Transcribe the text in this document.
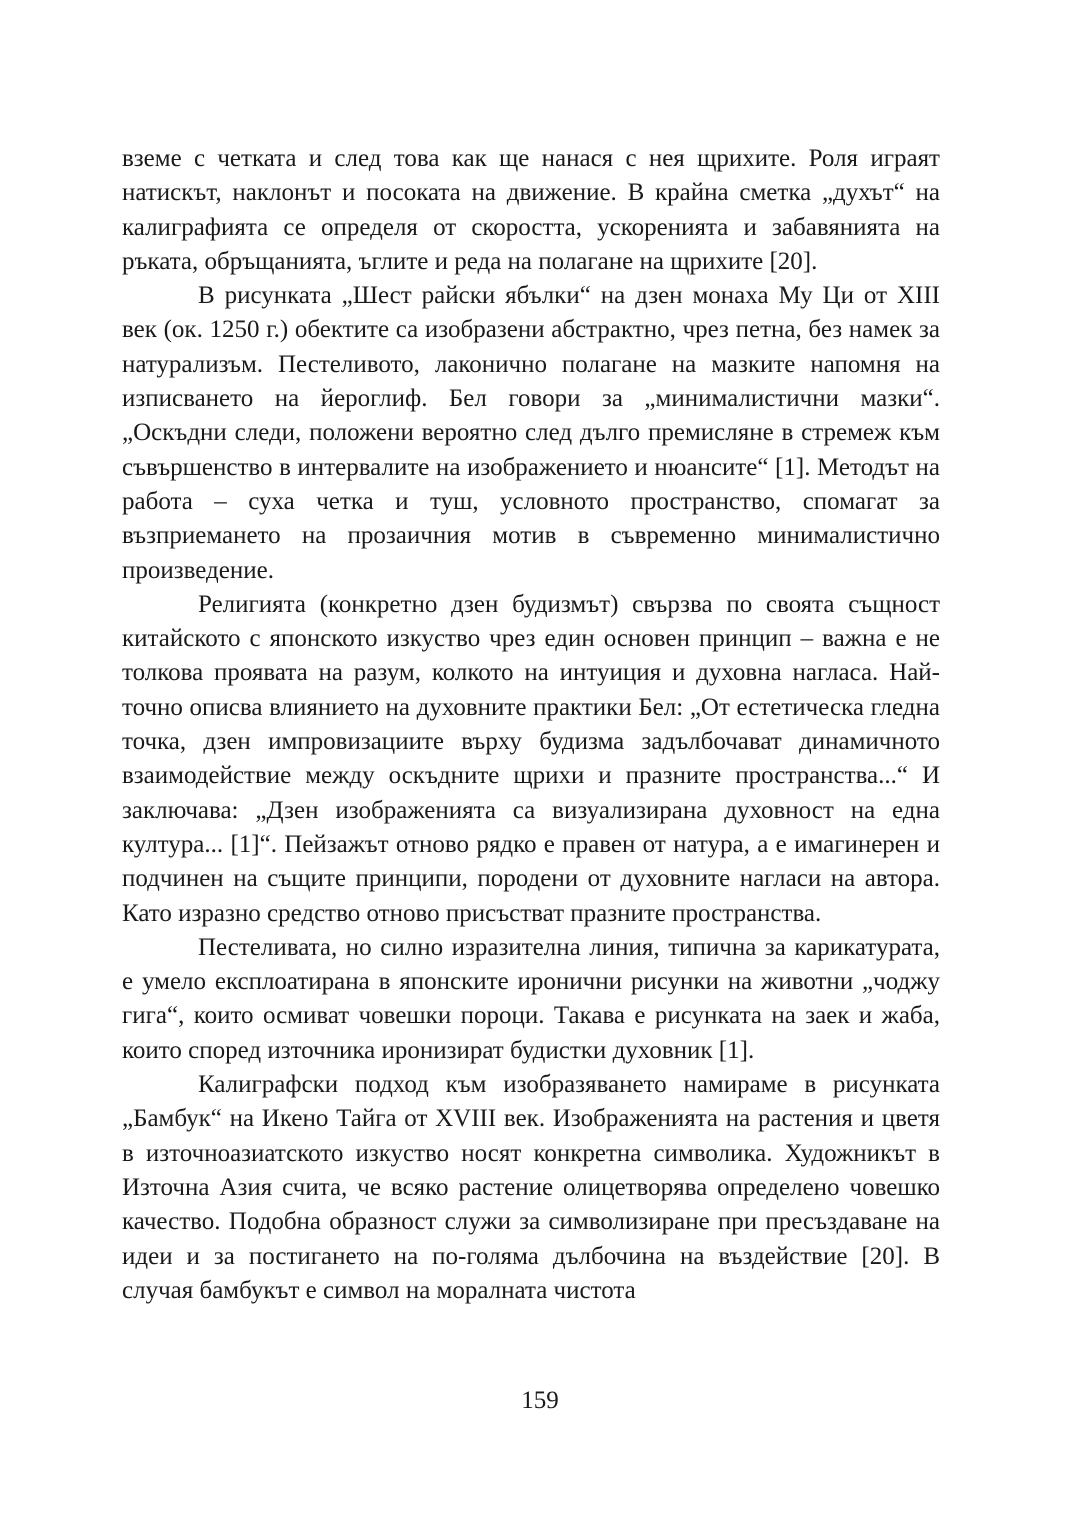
вземе с четката и след това как ще нанася с нея щрихите. Роля играят натискът, наклонът и посоката на движение. В крайна сметка „духът“ на калиграфията се определя от скоростта, ускоренията и забавянията на ръката, обръщанията, ъглите и реда на полагане на щрихите [20].

В рисунката „Шест райски ябълки“ на дзен монаха Му Ци от XIII век (ок. 1250 г.) обектите са изобразени абстрактно, чрез петна, без намек за натурализъм. Пестеливото, лаконично полагане на мазките напомня на изписването на йероглиф. Бел говори за „минималистични мазки“. „Оскъдни следи, положени вероятно след дълго премисляне в стремеж към съвършенство в интервалите на изображението и нюансите“ [1]. Методът на работа – суха четка и туш, условното пространство, спомагат за възприемането на прозаичния мотив в съвременно минималистично произведение.

Религията (конкретно дзен будизмът) свързва по своята същност китайското с японското изкуство чрез един основен принцип – важна е не толкова проявата на разум, колкото на интуиция и духовна нагласа. Най-точно описва влиянието на духовните практики Бел: „От естетическа гледна точка, дзен импровизациите върху будизма задълбочават динамичното взаимодействие между оскъдните щрихи и празните пространства...“ И заключава: „Дзен изображенията са визуализирана духовност на една култура... [1]“. Пейзажът отново рядко е правен от натура, а е имагинерен и подчинен на същите принципи, породени от духовните нагласи на автора. Като изразно средство отново присъстват празните пространства.

Пестеливата, но силно изразителна линия, типична за карикатурата, е умело експлоатирана в японските иронични рисунки на животни „чоджу гига“, които осмиват човешки пороци. Такава е рисунката на заек и жаба, които според източника иронизират будистки духовник [1].

Калиграфски подход към изобразяването намираме в рисунката „Бамбук“ на Икено Тайга от XVIII век. Изображенията на растения и цветя в източноазиатското изкуство носят конкретна символика. Художникът в Източна Азия счита, че всяко растение олицетворява определено човешко качество. Подобна образност служи за символизиране при пресъздаване на идеи и за постигането на по-голяма дълбочина на въздействие [20]. В случая бамбукът е символ на моралната чистота

159
